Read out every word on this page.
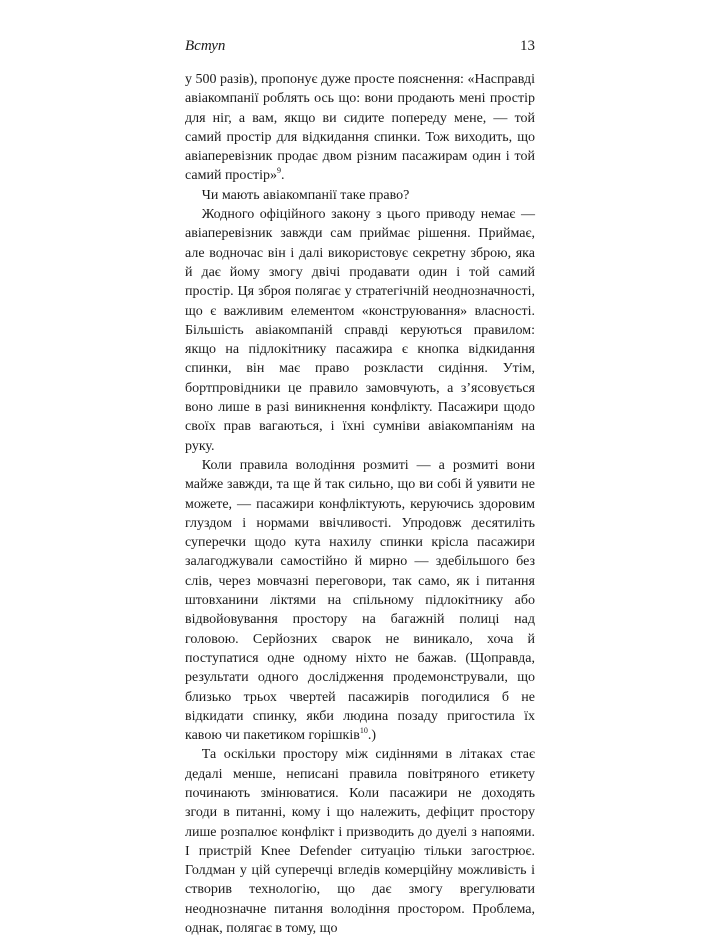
Вступ	13

у 500 разів), пропонує дуже просте пояснення: «Насправді авіакомпанії роблять ось що: вони продають мені простір для ніг, а вам, якщо ви сидите попереду мене, — той самий простір для відкидання спинки. Тож виходить, що авіаперевізник продає двом різним пасажирам один і той самий простір»$^9$.

Чи мають авіакомпанії таке право?

Жодного офіційного закону з цього приводу немає — авіаперевізник завжди сам приймає рішення. Приймає, але водночас він і далі використовує секретну зброю, яка й дає йому змогу двічі продавати один і той самий простір. Ця зброя полягає у стратегічній неоднозначності, що є важливим елементом «конструювання» власності. Більшість авіакомпаній справді керуються правилом: якщо на підлокітнику пасажира є кнопка відкидання спинки, він має право розкласти сидіння. Утім, бортпровідники це правило замовчують, а з’ясовується воно лише в разі виникнення конфлікту. Пасажири щодо своїх прав вагаються, і їхні сумніви авіакомпаніям на руку.

Коли правила володіння розмиті — а розмиті вони майже завжди, та ще й так сильно, що ви собі й уявити не можете, — пасажири конфліктують, керуючись здоровим глуздом і нормами ввічливості. Упродовж десятиліть суперечки щодо кута нахилу спинки крісла пасажири залагоджували самостійно й мирно — здебільшого без слів, через мовчазні переговори, так само, як і питання штовханини ліктями на спільному підлокітнику або відвойовування простору на багажній полиці над головою. Серйозних сварок не виникало, хоча й поступатися одне одному ніхто не бажав. (Щоправда, результати одного дослідження продемонстрували, що близько трьох чвертей пасажирів погодилися б не відкидати спинку, якби людина позаду пригостила їх кавою чи пакетиком горішків$^{10}$.)

Та оскільки простору між сидіннями в літаках стає дедалі менше, неписані правила повітряного етикету починають змінюватися. Коли пасажири не доходять згоди в питанні, кому і що належить, дефіцит простору лише розпалює конфлікт і призводить до дуелі з напоями. І пристрій Knee Defender ситуацію тільки загострює. Голдман у цій суперечці вгледів комерційну можливість і створив технологію, що дає змогу врегулювати неоднозначне питання володіння простором. Проблема, однак, полягає в тому, що
